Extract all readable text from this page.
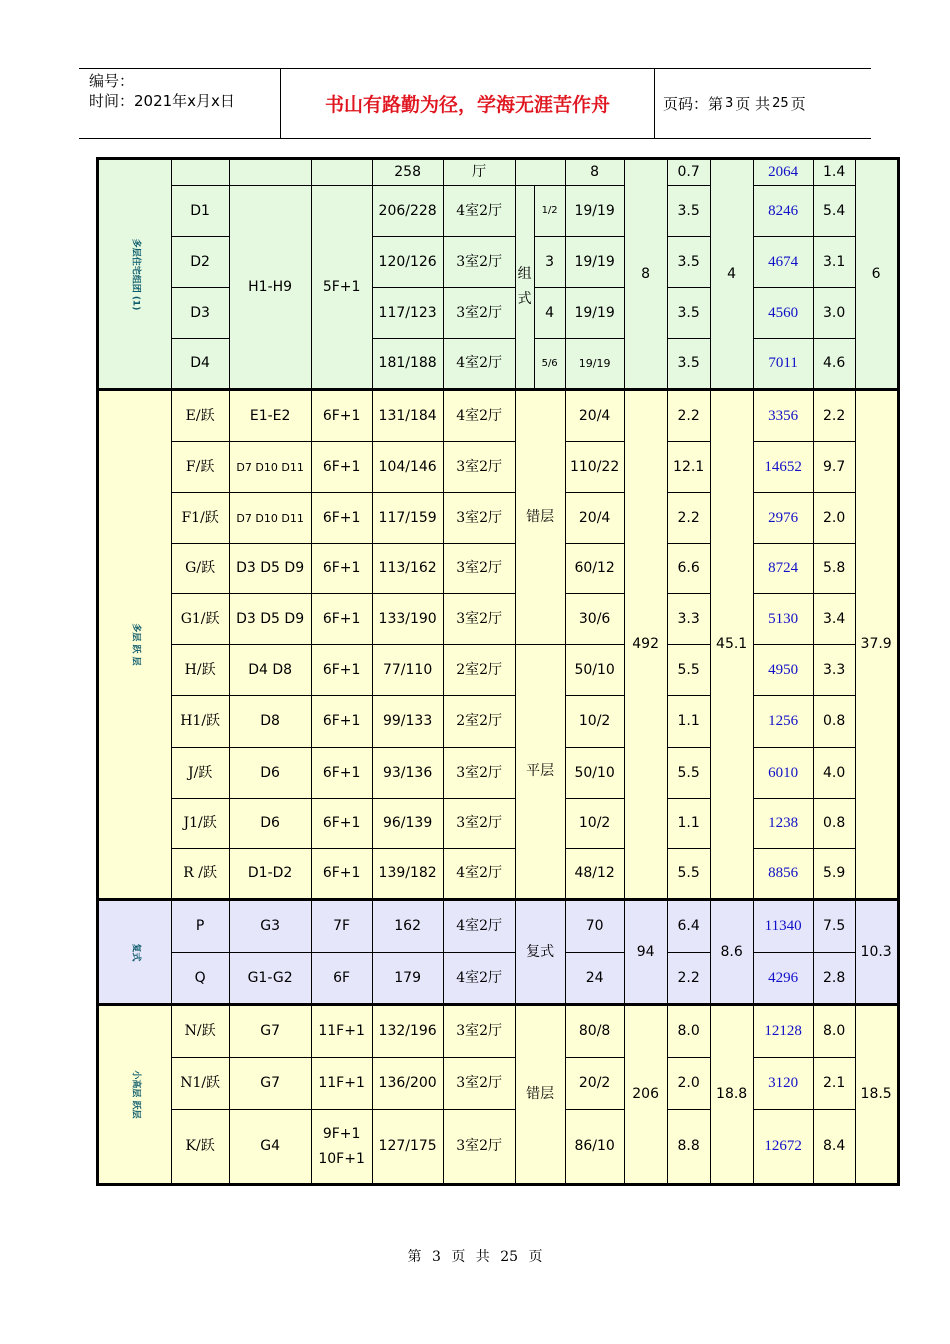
编号：
时间：2021年x月x日	书山有路勤为径，学海无涯苦作舟	页码：第 3 页 共 25 页
多层住宅组团 (1)				258	厅			8	8	0.7	4	2064	1.4	6
	D1	H1-H9	5F+1	206/228	4室2厅	组式	1/2	19/19		3.5		8246	5.4	
	D2			120/126	3室2厅		3	19/19		3.5		4674	3.1	
	D3			117/123	3室2厅		4	19/19		3.5		4560	3.0	
	D4			181/188	4室2厅		5/6	19/19		3.5		7011	4.6	
多层 跃 层	E/跃	E1-E2	6F+1	131/184	4室2厅	错层		20/4	492	2.2	45.1	3356	2.2	37.9
	F/跃	D7 D10 D11	6F+1	104/146	3室2厅			110/22		12.1		14652	9.7	
	F1/跃	D7 D10 D11	6F+1	117/159	3室2厅			20/4		2.2		2976	2.0	
	G/跃	D3 D5 D9	6F+1	113/162	3室2厅			60/12		6.6		8724	5.8	
	G1/跃	D3 D5 D9	6F+1	133/190	3室2厅			30/6		3.3		5130	3.4	
	H/跃	D4 D8	6F+1	77/110	2室2厅	平层		50/10		5.5		4950	3.3	
	H1/跃	D8	6F+1	99/133	2室2厅			10/2		1.1		1256	0.8	
	J/跃	D6	6F+1	93/136	3室2厅			50/10		5.5		6010	4.0	
	J1/跃	D6	6F+1	96/139	3室2厅			10/2		1.1		1238	0.8	
	R /跃	D1-D2	6F+1	139/182	4室2厅			48/12		5.5		8856	5.9	
复式	P	G3	7F	162	4室2厅	复式		70	94	6.4	8.6	11340	7.5	10.3
	Q	G1-G2	6F	179	4室2厅			24		2.2		4296	2.8	
小高层 跃层	N/跃	G7	11F+1	132/196	3室2厅	错层		80/8	206	8.0	18.8	12128	8.0	18.5
	N1/跃	G7	11F+1	136/200	3室2厅			20/2		2.0		3120	2.1	
	K/跃	G4	9F+1 10F+1	127/175	3室2厅			86/10		8.8		12672	8.4	
第 3 页 共 25 页
